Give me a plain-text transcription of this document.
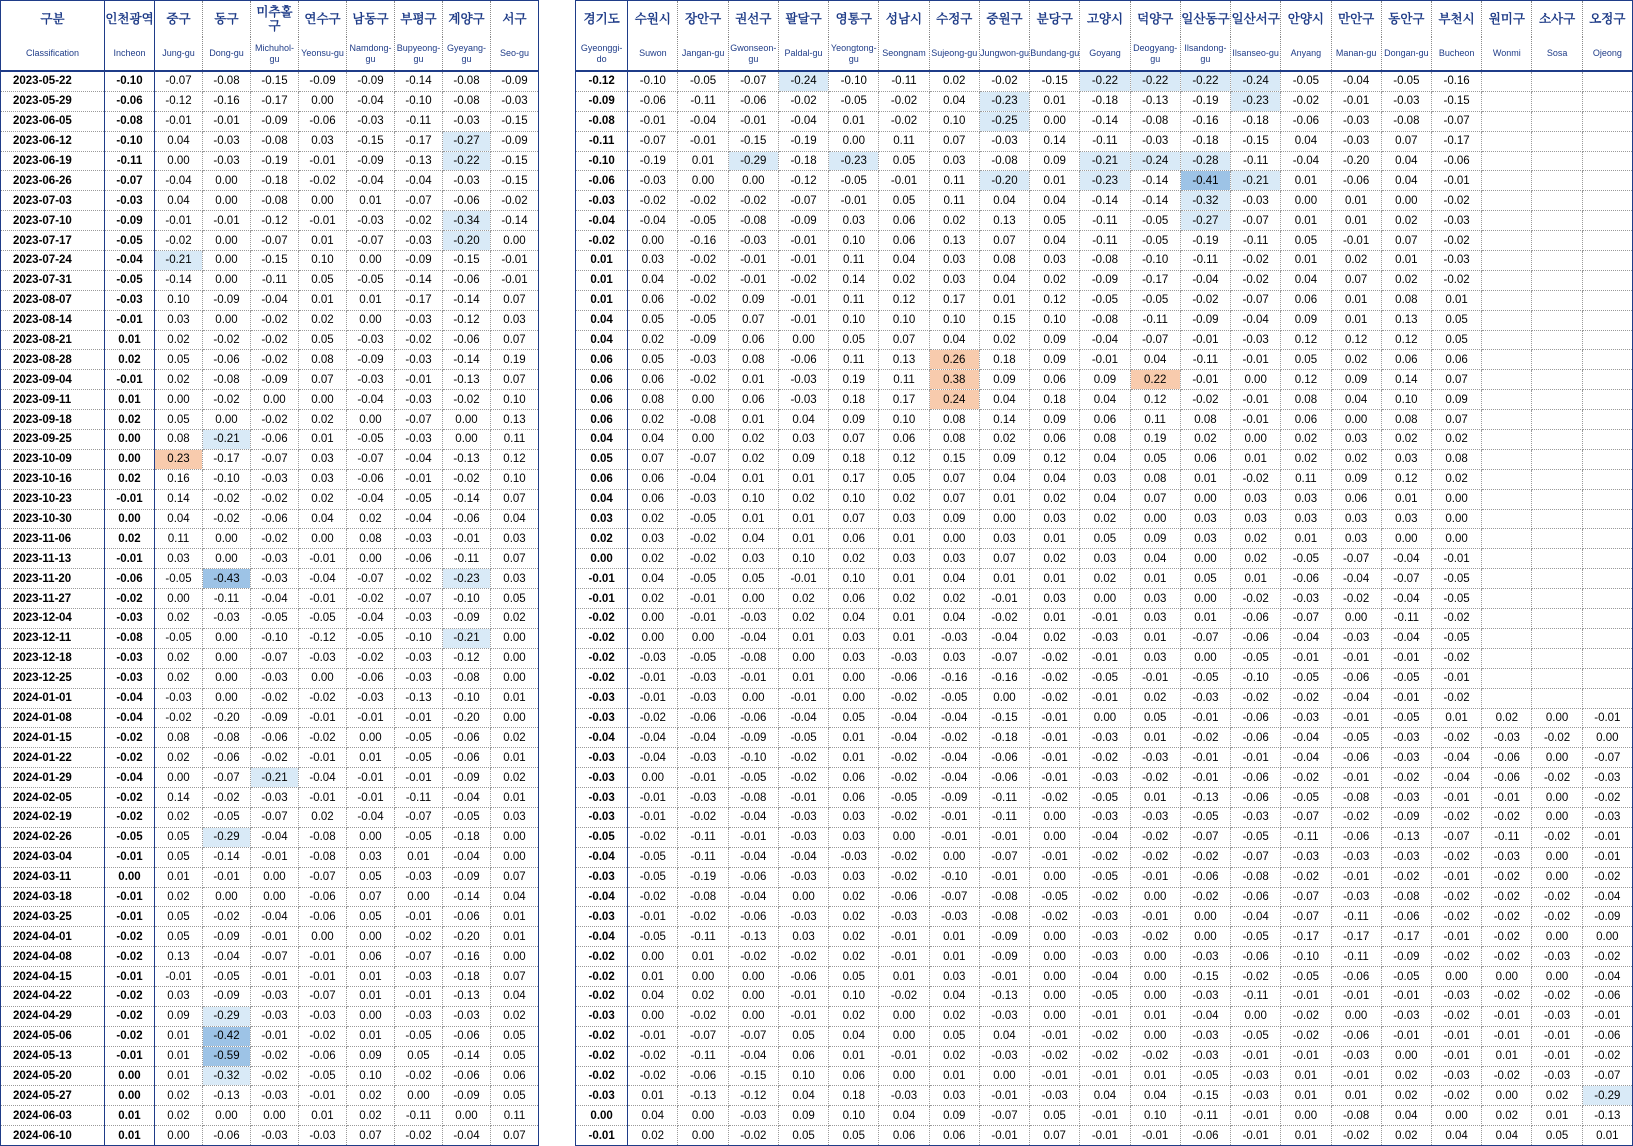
구분	인천광역	중구	동구	미추홀구	연수구	남동구	부평구	계양구	서구
Classification	Incheon	Jung-gu	Dong-gu	Michuhol-gu	Yeonsu-gu	Namdong-gu	Bupyeong-gu	Gyeyang-gu	Seo-gu
2023-05-22	-0.10	-0.07	-0.08	-0.15	-0.09	-0.09	-0.14	-0.08	-0.09
2023-05-29	-0.06	-0.12	-0.16	-0.17	0.00	-0.04	-0.10	-0.08	-0.03
2023-06-05	-0.08	-0.01	-0.01	-0.09	-0.06	-0.03	-0.11	-0.03	-0.15
2023-06-12	-0.10	0.04	-0.03	-0.08	0.03	-0.15	-0.17	-0.27	-0.09
2023-06-19	-0.11	0.00	-0.03	-0.19	-0.01	-0.09	-0.13	-0.22	-0.15
2023-06-26	-0.07	-0.04	0.00	-0.18	-0.02	-0.04	-0.04	-0.03	-0.15
2023-07-03	-0.03	0.04	0.00	-0.08	0.00	0.01	-0.07	-0.06	-0.02
2023-07-10	-0.09	-0.01	-0.01	-0.12	-0.01	-0.03	-0.02	-0.34	-0.14
2023-07-17	-0.05	-0.02	0.00	-0.07	0.01	-0.07	-0.03	-0.20	0.00
2023-07-24	-0.04	-0.21	0.00	-0.15	0.10	0.00	-0.09	-0.15	-0.01
2023-07-31	-0.05	-0.14	0.00	-0.11	0.05	-0.05	-0.14	-0.06	-0.01
2023-08-07	-0.03	0.10	-0.09	-0.04	0.01	0.01	-0.17	-0.14	0.07
2023-08-14	-0.01	0.03	0.00	-0.02	0.02	0.00	-0.03	-0.12	0.03
2023-08-21	0.01	0.02	-0.02	-0.02	0.05	-0.03	-0.02	-0.06	0.07
2023-08-28	0.02	0.05	-0.06	-0.02	0.08	-0.09	-0.03	-0.14	0.19
2023-09-04	-0.01	0.02	-0.08	-0.09	0.07	-0.03	-0.01	-0.13	0.07
2023-09-11	0.01	0.00	-0.02	0.00	0.00	-0.04	-0.03	-0.02	0.10
2023-09-18	0.02	0.05	0.00	-0.02	0.02	0.00	-0.07	0.00	0.13
2023-09-25	0.00	0.08	-0.21	-0.06	0.01	-0.05	-0.03	0.00	0.11
2023-10-09	0.00	0.23	-0.17	-0.07	0.03	-0.07	-0.04	-0.13	0.12
2023-10-16	0.02	0.16	-0.10	-0.03	0.03	-0.06	-0.01	-0.02	0.10
2023-10-23	-0.01	0.14	-0.02	-0.02	0.02	-0.04	-0.05	-0.14	0.07
2023-10-30	0.00	0.04	-0.02	-0.06	0.04	0.02	-0.04	-0.06	0.04
2023-11-06	0.02	0.11	0.00	-0.02	0.00	0.08	-0.03	-0.01	0.03
2023-11-13	-0.01	0.03	0.00	-0.03	-0.01	0.00	-0.06	-0.11	0.07
2023-11-20	-0.06	-0.05	-0.43	-0.03	-0.04	-0.07	-0.02	-0.23	0.03
2023-11-27	-0.02	0.00	-0.11	-0.04	-0.01	-0.02	-0.07	-0.10	0.05
2023-12-04	-0.03	0.02	-0.03	-0.05	-0.05	-0.04	-0.03	-0.09	0.02
2023-12-11	-0.08	-0.05	0.00	-0.10	-0.12	-0.05	-0.10	-0.21	0.00
2023-12-18	-0.03	0.02	0.00	-0.07	-0.03	-0.02	-0.03	-0.12	0.00
2023-12-25	-0.03	0.02	0.00	-0.03	0.00	-0.06	-0.03	-0.08	0.00
2024-01-01	-0.04	-0.03	0.00	-0.02	-0.02	-0.03	-0.13	-0.10	0.01
2024-01-08	-0.04	-0.02	-0.20	-0.09	-0.01	-0.01	-0.01	-0.20	0.00
2024-01-15	-0.02	0.08	-0.08	-0.06	-0.02	0.00	-0.05	-0.06	0.02
2024-01-22	-0.02	0.02	-0.06	-0.02	-0.01	0.01	-0.05	-0.06	0.01
2024-01-29	-0.04	0.00	-0.07	-0.21	-0.04	-0.01	-0.01	-0.09	0.02
2024-02-05	-0.02	0.14	-0.02	-0.03	-0.01	-0.01	-0.11	-0.04	0.01
2024-02-19	-0.02	0.02	-0.05	-0.07	0.02	-0.04	-0.07	-0.05	0.03
2024-02-26	-0.05	0.05	-0.29	-0.04	-0.08	0.00	-0.05	-0.18	0.00
2024-03-04	-0.01	0.05	-0.14	-0.01	-0.08	0.03	0.01	-0.04	0.00
2024-03-11	0.00	0.01	-0.01	0.00	-0.07	0.05	-0.03	-0.09	0.07
2024-03-18	-0.01	0.02	0.00	0.00	-0.06	0.07	0.00	-0.14	0.04
2024-03-25	-0.01	0.05	-0.02	-0.04	-0.06	0.05	-0.01	-0.06	0.01
2024-04-01	-0.02	0.05	-0.09	-0.01	0.00	0.00	-0.02	-0.20	0.01
2024-04-08	-0.02	0.13	-0.04	-0.07	-0.01	0.06	-0.07	-0.16	0.00
2024-04-15	-0.01	-0.01	-0.05	-0.01	-0.01	0.01	-0.03	-0.18	0.07
2024-04-22	-0.02	0.03	-0.09	-0.03	-0.07	0.01	-0.01	-0.13	0.04
2024-04-29	-0.02	0.09	-0.29	-0.03	-0.03	0.00	-0.03	-0.03	0.02
2024-05-06	-0.02	0.01	-0.42	-0.01	-0.02	0.01	-0.05	-0.06	0.05
2024-05-13	-0.01	0.01	-0.59	-0.02	-0.06	0.09	0.05	-0.14	0.05
2024-05-20	0.00	0.01	-0.32	-0.02	-0.05	0.10	-0.02	-0.06	0.06
2024-05-27	0.00	0.02	-0.13	-0.03	-0.01	0.02	0.00	-0.09	0.05
2024-06-03	0.01	0.02	0.00	0.00	0.01	0.02	-0.11	0.00	0.11
2024-06-10	0.01	0.00	-0.06	-0.03	-0.03	0.07	-0.02	-0.04	0.07
경기도	수원시	장안구	권선구	팔달구	영통구	성남시	수정구	중원구	분당구	고양시	덕양구	일산동구	일산서구	안양시	만안구	동안구	부천시	원미구	소사구	오정구
Gyeonggi-do	Suwon	Jangan-gu	Gwonseon-gu	Paldal-gu	Yeongtong-gu	Seongnam	Sujeong-gu	Jungwon-gu	Bundang-gu	Goyang	Deogyang-gu	Ilsandong-gu	Ilsanseo-gu	Anyang	Manan-gu	Dongan-gu	Bucheon	Wonmi	Sosa	Ojeong
-0.12	-0.10	-0.05	-0.07	-0.24	-0.10	-0.11	0.02	-0.02	-0.15	-0.22	-0.22	-0.22	-0.24	-0.05	-0.04	-0.05	-0.16			
-0.09	-0.06	-0.11	-0.06	-0.02	-0.05	-0.02	0.04	-0.23	0.01	-0.18	-0.13	-0.19	-0.23	-0.02	-0.01	-0.03	-0.15			
-0.08	-0.01	-0.04	-0.01	-0.04	0.01	-0.02	0.10	-0.25	0.00	-0.14	-0.08	-0.16	-0.18	-0.06	-0.03	-0.08	-0.07			
-0.11	-0.07	-0.01	-0.15	-0.19	0.00	0.11	0.07	-0.03	0.14	-0.11	-0.03	-0.18	-0.15	0.04	-0.03	0.07	-0.17			
-0.10	-0.19	0.01	-0.29	-0.18	-0.23	0.05	0.03	-0.08	0.09	-0.21	-0.24	-0.28	-0.11	-0.04	-0.20	0.04	-0.06			
-0.06	-0.03	0.00	0.00	-0.12	-0.05	-0.01	0.11	-0.20	0.01	-0.23	-0.14	-0.41	-0.21	0.01	-0.06	0.04	-0.01			
-0.03	-0.02	-0.02	-0.02	-0.07	-0.01	0.05	0.11	0.04	0.04	-0.14	-0.14	-0.32	-0.03	0.00	0.01	0.00	-0.02			
-0.04	-0.04	-0.05	-0.08	-0.09	0.03	0.06	0.02	0.13	0.05	-0.11	-0.05	-0.27	-0.07	0.01	0.01	0.02	-0.03			
-0.02	0.00	-0.16	-0.03	-0.01	0.10	0.06	0.13	0.07	0.04	-0.11	-0.05	-0.19	-0.11	0.05	-0.01	0.07	-0.02			
0.01	0.03	-0.02	-0.01	-0.01	0.11	0.04	0.03	0.08	0.03	-0.08	-0.10	-0.11	-0.02	0.01	0.02	0.01	-0.03			
0.01	0.04	-0.02	-0.01	-0.02	0.14	0.02	0.03	0.04	0.02	-0.09	-0.17	-0.04	-0.02	0.04	0.07	0.02	-0.02			
0.01	0.06	-0.02	0.09	-0.01	0.11	0.12	0.17	0.01	0.12	-0.05	-0.05	-0.02	-0.07	0.06	0.01	0.08	0.01			
0.04	0.05	-0.05	0.07	-0.01	0.10	0.10	0.10	0.15	0.10	-0.08	-0.11	-0.09	-0.04	0.09	0.01	0.13	0.05			
0.04	0.02	-0.09	0.06	0.00	0.05	0.07	0.04	0.02	0.09	-0.04	-0.07	-0.01	-0.03	0.12	0.12	0.12	0.05			
0.06	0.05	-0.03	0.08	-0.06	0.11	0.13	0.26	0.18	0.09	-0.01	0.04	-0.11	-0.01	0.05	0.02	0.06	0.06			
0.06	0.06	-0.02	0.01	-0.03	0.19	0.11	0.38	0.09	0.06	0.09	0.22	-0.01	0.00	0.12	0.09	0.14	0.07			
0.06	0.08	0.00	0.06	-0.03	0.18	0.17	0.24	0.04	0.18	0.04	0.12	-0.02	-0.01	0.08	0.04	0.10	0.09			
0.06	0.02	-0.08	0.01	0.04	0.09	0.10	0.08	0.14	0.09	0.06	0.11	0.08	-0.01	0.06	0.00	0.08	0.07			
0.04	0.04	0.00	0.02	0.03	0.07	0.06	0.08	0.02	0.06	0.08	0.19	0.02	0.00	0.02	0.03	0.02	0.02			
0.05	0.07	-0.07	0.02	0.09	0.18	0.12	0.15	0.09	0.12	0.04	0.05	0.06	0.01	0.02	0.02	0.03	0.08			
0.06	0.06	-0.04	0.01	0.01	0.17	0.05	0.07	0.04	0.04	0.03	0.08	0.01	-0.02	0.11	0.09	0.12	0.02			
0.04	0.06	-0.03	0.10	0.02	0.10	0.02	0.07	0.01	0.02	0.04	0.07	0.00	0.03	0.03	0.06	0.01	0.00			
0.03	0.02	-0.05	0.01	0.01	0.07	0.03	0.09	0.00	0.03	0.02	0.00	0.03	0.03	0.03	0.03	0.03	0.00			
0.02	0.03	-0.02	0.04	0.01	0.06	0.01	0.00	0.03	0.01	0.05	0.09	0.03	0.02	0.01	0.03	0.00	0.00			
0.00	0.02	-0.02	0.03	0.10	0.02	0.03	0.03	0.07	0.02	0.03	0.04	0.00	0.02	-0.05	-0.07	-0.04	-0.01			
-0.01	0.04	-0.05	0.05	-0.01	0.10	0.01	0.04	0.01	0.01	0.02	0.01	0.05	0.01	-0.06	-0.04	-0.07	-0.05			
-0.01	0.02	-0.01	0.00	0.02	0.06	0.02	0.02	-0.01	0.03	0.00	0.03	0.00	-0.02	-0.03	-0.02	-0.04	-0.05			
-0.02	0.00	-0.01	-0.03	0.02	0.04	0.01	0.04	-0.02	0.01	-0.01	0.03	0.01	-0.06	-0.07	0.00	-0.11	-0.02			
-0.02	0.00	0.00	-0.04	0.01	0.03	0.01	-0.03	-0.04	0.02	-0.03	0.01	-0.07	-0.06	-0.04	-0.03	-0.04	-0.05			
-0.02	-0.03	-0.05	-0.08	0.00	0.03	-0.03	0.03	-0.07	-0.02	-0.01	0.03	0.00	-0.05	-0.01	-0.01	-0.01	-0.02			
-0.02	-0.01	-0.03	-0.01	0.01	0.00	-0.06	-0.16	-0.16	-0.02	-0.05	-0.01	-0.05	-0.10	-0.05	-0.06	-0.05	-0.01			
-0.03	-0.01	-0.03	0.00	-0.01	0.00	-0.02	-0.05	0.00	-0.02	-0.01	0.02	-0.03	-0.02	-0.02	-0.04	-0.01	-0.02			
-0.03	-0.02	-0.06	-0.06	-0.04	0.05	-0.04	-0.04	-0.15	-0.01	0.00	0.05	-0.01	-0.06	-0.03	-0.01	-0.05	0.01	0.02	0.00	-0.01
-0.04	-0.04	-0.04	-0.09	-0.05	0.01	-0.04	-0.02	-0.18	-0.01	-0.03	0.01	-0.02	-0.06	-0.04	-0.05	-0.03	-0.02	-0.03	-0.02	0.00
-0.03	-0.04	-0.03	-0.10	-0.02	0.01	-0.02	-0.04	-0.06	-0.01	-0.02	-0.03	-0.01	-0.01	-0.04	-0.06	-0.03	-0.04	-0.06	0.00	-0.07
-0.03	0.00	-0.01	-0.05	-0.02	0.06	-0.02	-0.04	-0.06	-0.01	-0.03	-0.02	-0.01	-0.06	-0.02	-0.01	-0.02	-0.04	-0.06	-0.02	-0.03
-0.03	-0.01	-0.03	-0.08	-0.01	0.06	-0.05	-0.09	-0.11	-0.02	-0.05	0.01	-0.13	-0.06	-0.05	-0.08	-0.03	-0.01	-0.01	0.00	-0.02
-0.03	-0.01	-0.02	-0.04	-0.03	0.03	-0.02	-0.01	-0.11	0.00	-0.03	-0.03	-0.05	-0.03	-0.07	-0.02	-0.09	-0.02	-0.02	0.00	-0.03
-0.05	-0.02	-0.11	-0.01	-0.03	0.03	0.00	-0.01	-0.01	0.00	-0.04	-0.02	-0.07	-0.05	-0.11	-0.06	-0.13	-0.07	-0.11	-0.02	-0.01
-0.04	-0.05	-0.11	-0.04	-0.04	-0.03	-0.02	0.00	-0.07	-0.01	-0.02	-0.02	-0.02	-0.07	-0.03	-0.03	-0.03	-0.02	-0.03	0.00	-0.01
-0.03	-0.05	-0.19	-0.06	-0.03	0.03	-0.02	-0.10	-0.01	0.00	-0.05	-0.01	-0.06	-0.08	-0.02	-0.01	-0.02	-0.01	-0.02	0.00	-0.02
-0.04	-0.02	-0.08	-0.04	0.00	0.02	-0.06	-0.07	-0.08	-0.05	-0.02	0.00	-0.02	-0.06	-0.07	-0.03	-0.08	-0.02	-0.02	-0.02	-0.04
-0.03	-0.01	-0.02	-0.06	-0.03	0.02	-0.03	-0.03	-0.08	-0.02	-0.03	-0.01	0.00	-0.04	-0.07	-0.11	-0.06	-0.02	-0.02	-0.02	-0.09
-0.04	-0.05	-0.11	-0.13	0.03	0.02	-0.01	0.01	-0.09	0.00	-0.03	-0.02	0.00	-0.05	-0.17	-0.17	-0.17	-0.01	-0.02	0.00	0.00
-0.02	0.00	0.01	-0.02	-0.02	0.02	-0.01	0.01	-0.09	0.00	-0.03	0.00	-0.03	-0.06	-0.10	-0.11	-0.09	-0.02	-0.02	-0.03	-0.02
-0.02	0.01	0.00	0.00	-0.06	0.05	0.01	0.03	-0.01	0.00	-0.04	0.00	-0.15	-0.02	-0.05	-0.06	-0.05	0.00	0.00	0.00	-0.04
-0.02	0.04	0.02	0.00	-0.01	0.10	-0.02	0.04	-0.13	0.00	-0.05	0.00	-0.03	-0.11	-0.01	-0.01	-0.01	-0.03	-0.02	-0.02	-0.06
-0.03	0.00	-0.02	0.00	-0.01	0.02	0.00	0.02	-0.03	0.00	-0.01	0.01	-0.04	0.00	-0.02	0.00	-0.03	-0.02	-0.01	-0.03	-0.01
-0.02	-0.01	-0.07	-0.07	0.05	0.04	0.00	0.05	0.04	-0.01	-0.02	0.00	-0.03	-0.05	-0.02	-0.06	-0.01	-0.01	-0.01	-0.01	-0.06
-0.02	-0.02	-0.11	-0.04	0.06	0.01	-0.01	0.02	-0.03	-0.02	-0.02	-0.02	-0.03	-0.01	-0.01	-0.03	0.00	-0.01	0.01	-0.01	-0.02
-0.02	-0.02	-0.06	-0.15	0.10	0.06	0.00	0.01	0.00	-0.01	-0.01	0.01	-0.05	-0.03	0.01	-0.01	0.02	-0.03	-0.02	-0.03	-0.07
-0.03	0.01	-0.13	-0.12	0.04	0.18	-0.03	0.03	-0.01	-0.03	0.04	0.04	-0.15	-0.03	0.01	0.01	0.02	-0.02	0.00	0.02	-0.29
0.00	0.04	0.00	-0.03	0.09	0.10	0.04	0.09	-0.07	0.05	-0.01	0.10	-0.11	-0.01	0.00	-0.08	0.04	0.00	0.02	0.01	-0.13
-0.01	0.02	0.00	-0.02	0.05	0.05	0.06	0.06	-0.01	0.07	-0.01	-0.01	-0.06	-0.01	0.01	-0.02	0.02	0.04	0.04	0.05	0.01
